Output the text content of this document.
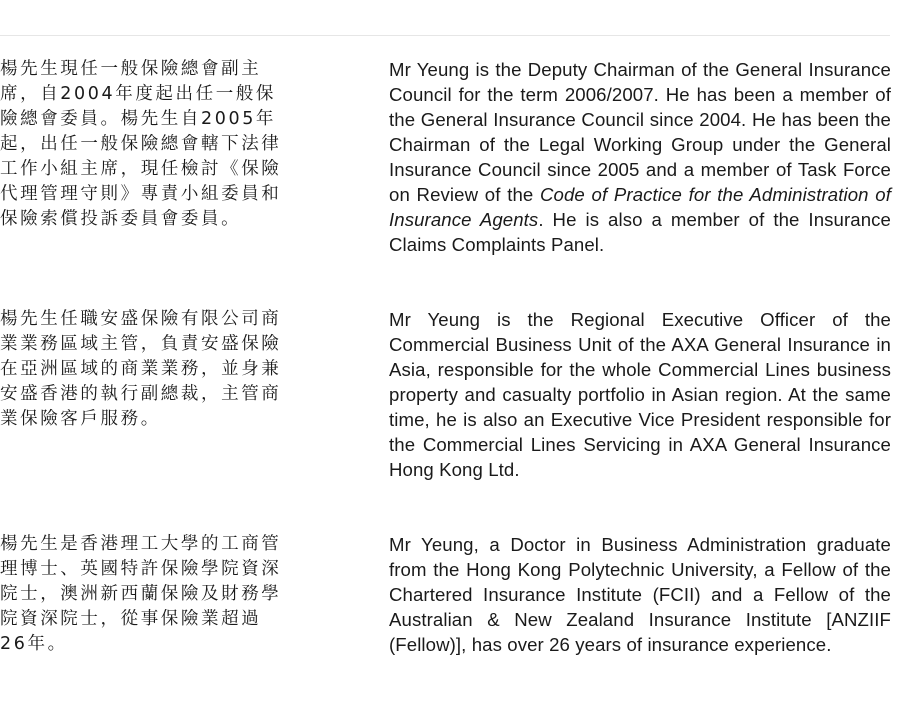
楊先生現任一般保險總會副主
席，自2004年度起出任一般保
險總會委員。楊先生自2005年
起，出任一般保險總會轄下法律
工作小組主席，現任檢討《保險
代理管理守則》專責小組委員和
保險索償投訴委員會委員。
Mr Yeung is the Deputy Chairman of the General Insurance Council for the term 2006/2007. He has been a member of the General Insurance Council since 2004. He has been the Chairman of the Legal Working Group under the General Insurance Council since 2005 and a member of Task Force on Review of the Code of Practice for the Administration of Insurance Agents. He is also a member of the Insurance Claims Complaints Panel.
楊先生任職安盛保險有限公司商
業業務區域主管，負責安盛保險
在亞洲區域的商業業務，並身兼
安盛香港的執行副總裁，主管商
業保險客戶服務。
Mr Yeung is the Regional Executive Officer of the Commercial Business Unit of the AXA General Insurance in Asia, responsible for the whole Commercial Lines business property and casualty portfolio in Asian region. At the same time, he is also an Executive Vice President responsible for the Commercial Lines Servicing in AXA General Insurance Hong Kong Ltd.
楊先生是香港理工大學的工商管
理博士、英國特許保險學院資深
院士，澳洲新西蘭保險及財務學
院資深院士，從事保險業超過
26年。
Mr Yeung, a Doctor in Business Administration graduate from the Hong Kong Polytechnic University, a Fellow of the Chartered Insurance Institute (FCII) and a Fellow of the Australian & New Zealand Insurance Institute [ANZIIF (Fellow)], has over 26 years of insurance experience.
